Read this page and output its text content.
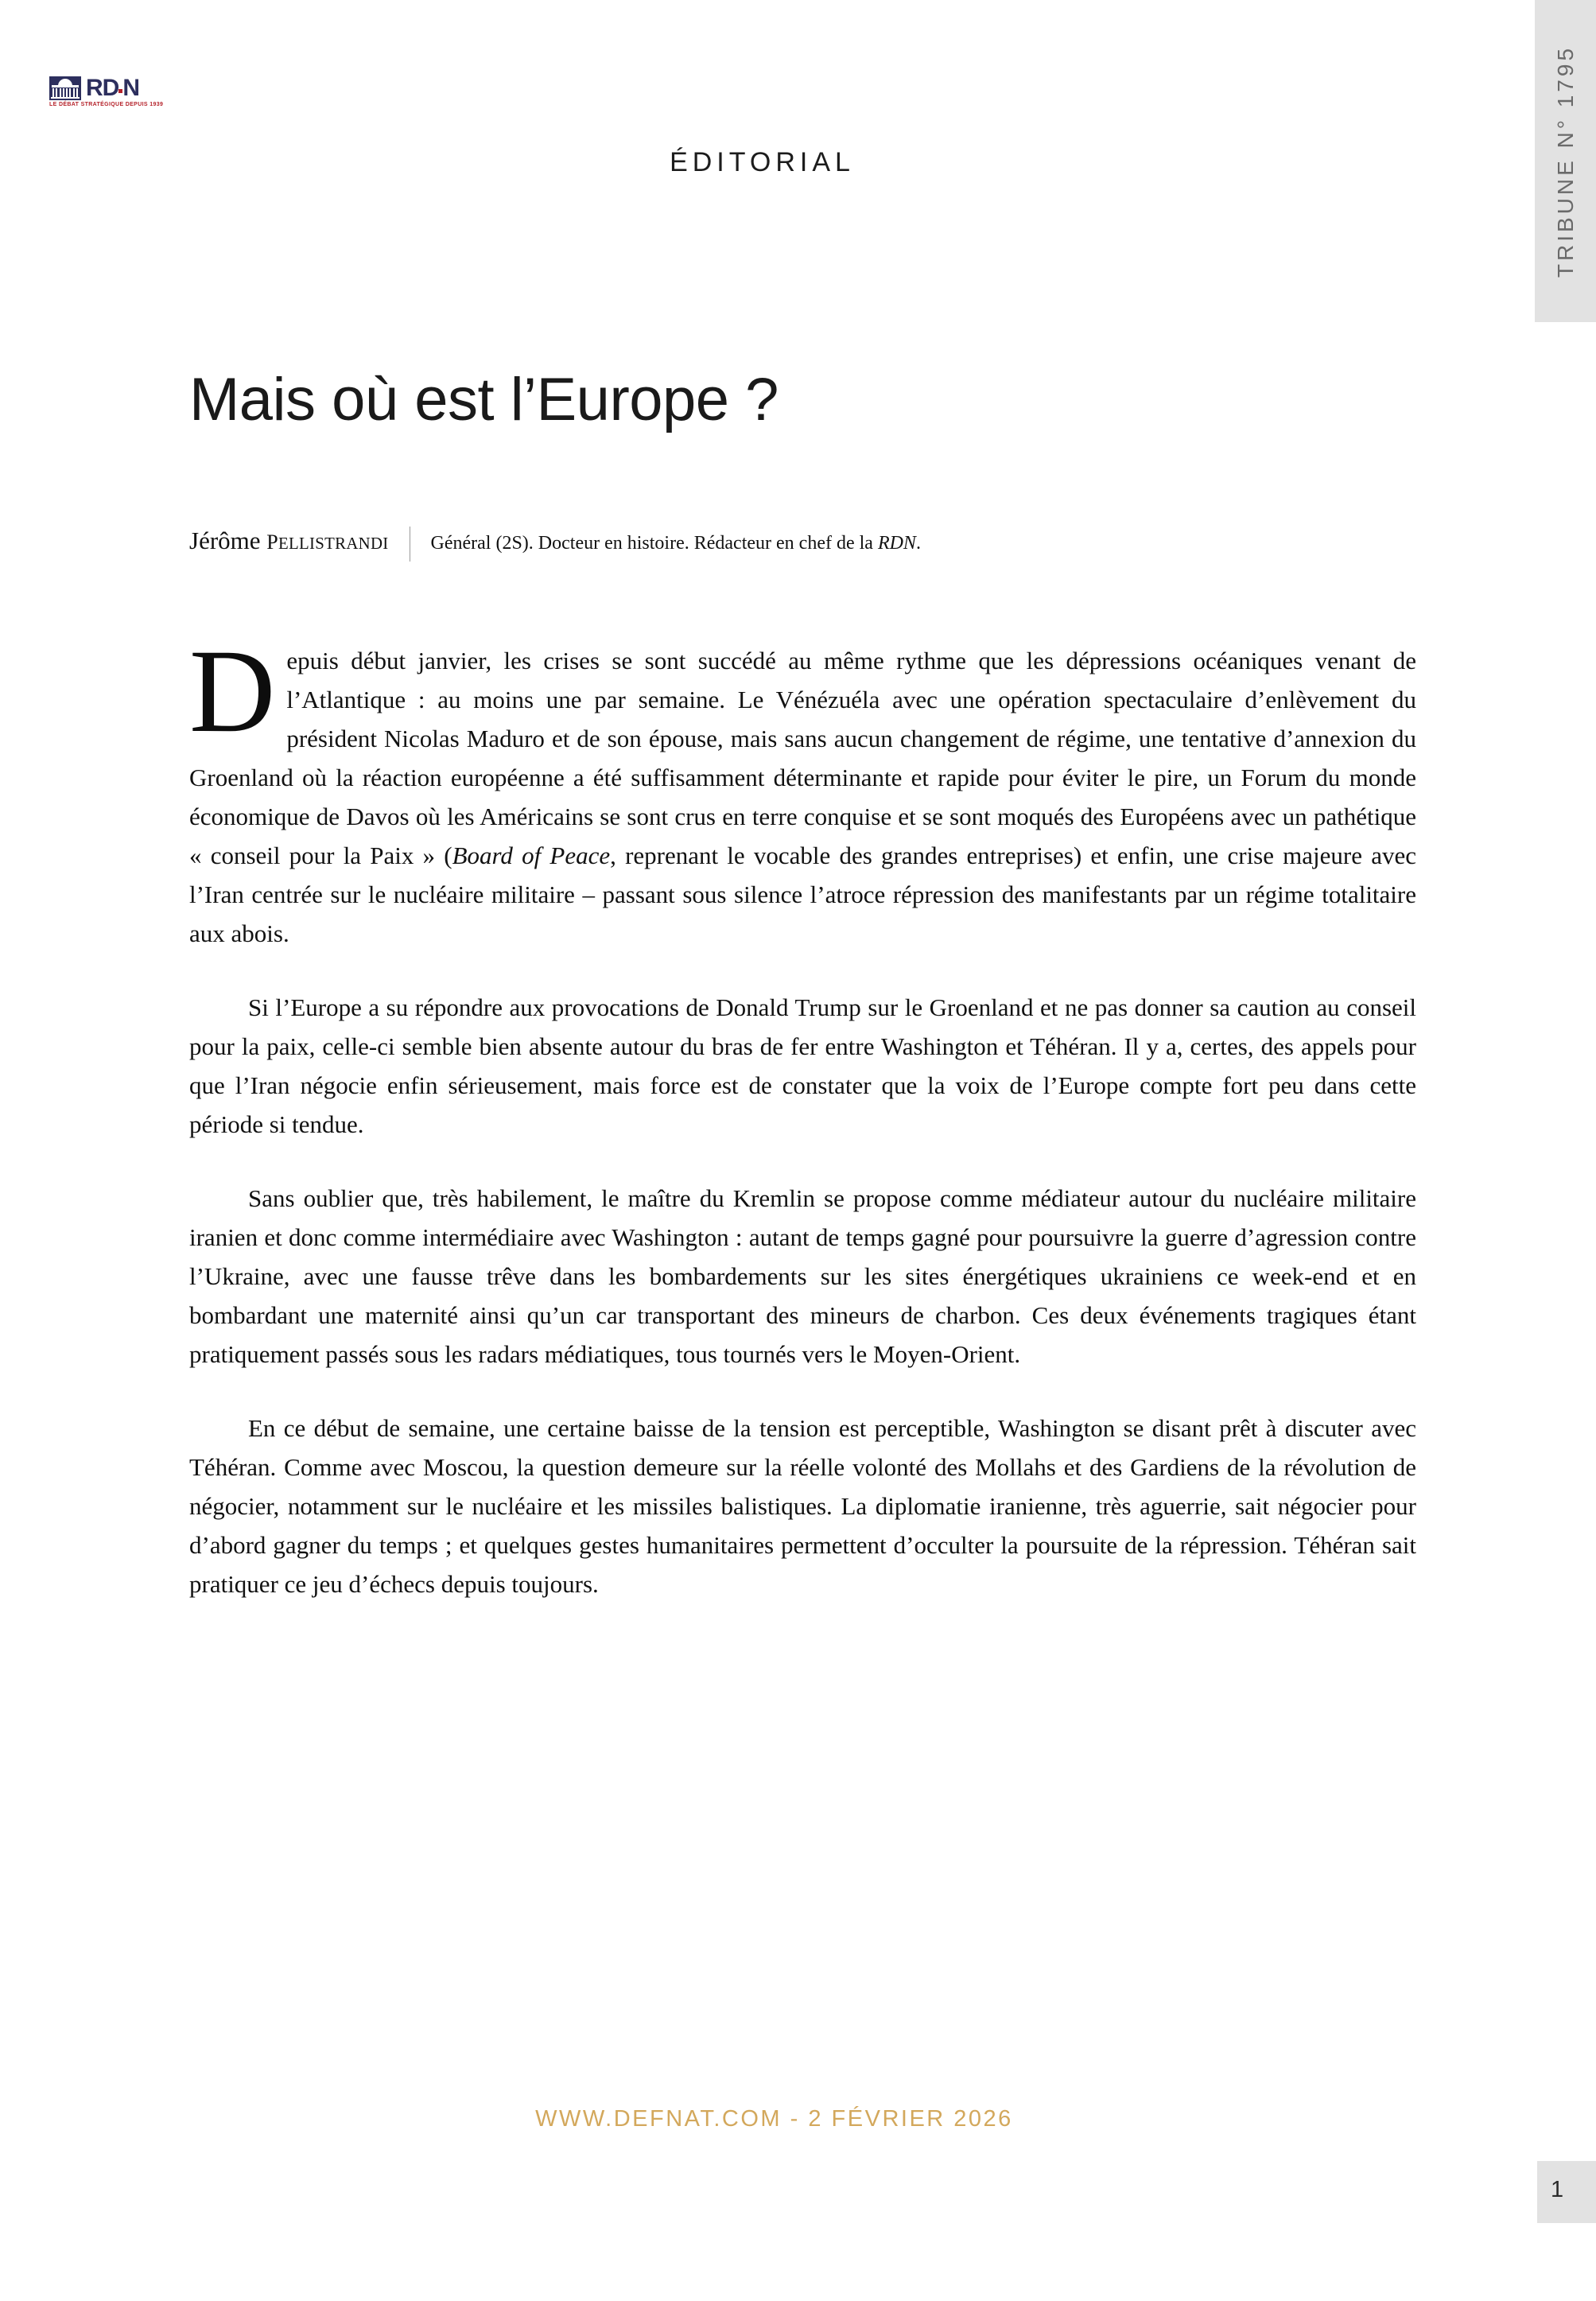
RD N
LE DÉBAT STRATÉGIQUE DEPUIS 1939	TRIBUNE N° 1795
ÉDITORIAL
Mais où est l’Europe ?
Jérôme PELLISTRANDI Général (2S). Docteur en histoire. Rédacteur en chef de la RDN.

Depuis début janvier, les crises se sont succédé au même rythme que les dépressions océaniques venant de l’Atlantique : au moins une par semaine. Le Vénézuéla avec une opération spectaculaire d’enlèvement du président Nicolas Maduro et de son épouse, mais sans aucun changement de régime, une tentative d’annexion du Groenland où la réaction européenne a été suffisamment déterminante et rapide pour éviter le pire, un Forum du monde économique de Davos où les Américains se sont crus en terre conquise et se sont moqués des Européens avec un pathétique « conseil pour la Paix » (Board of Peace, reprenant le vocable des grandes entreprises) et enfin, une crise majeure avec l’Iran centrée sur le nucléaire militaire – passant sous silence l’atroce répression des manifestants par un régime totalitaire aux abois.

Si l’Europe a su répondre aux provocations de Donald Trump sur le Groenland et ne pas donner sa caution au conseil pour la paix, celle-ci semble bien absente autour du bras de fer entre Washington et Téhéran. Il y a, certes, des appels pour que l’Iran négocie enfin sérieusement, mais force est de constater que la voix de l’Europe compte fort peu dans cette période si tendue.

Sans oublier que, très habilement, le maître du Kremlin se propose comme médiateur autour du nucléaire militaire iranien et donc comme intermédiaire avec Washington : autant de temps gagné pour poursuivre la guerre d’agression contre l’Ukraine, avec une fausse trêve dans les bombardements sur les sites énergétiques ukrainiens ce week-end et en bombardant une maternité ainsi qu’un car transportant des mineurs de charbon. Ces deux événements tragiques étant pratiquement passés sous les radars médiatiques, tous tournés vers le Moyen-Orient.

En ce début de semaine, une certaine baisse de la tension est perceptible, Washington se disant prêt à discuter avec Téhéran. Comme avec Moscou, la question demeure sur la réelle volonté des Mollahs et des Gardiens de la révolution de négocier, notamment sur le nucléaire et les missiles balistiques. La diplomatie iranienne, très aguerrie, sait négocier pour d’abord gagner du temps ; et quelques gestes humanitaires permettent d’occulter la poursuite de la répression. Téhéran sait pratiquer ce jeu d’échecs depuis toujours.

WWW.DEFNAT.COM - 2 FÉVRIER 2026
1
